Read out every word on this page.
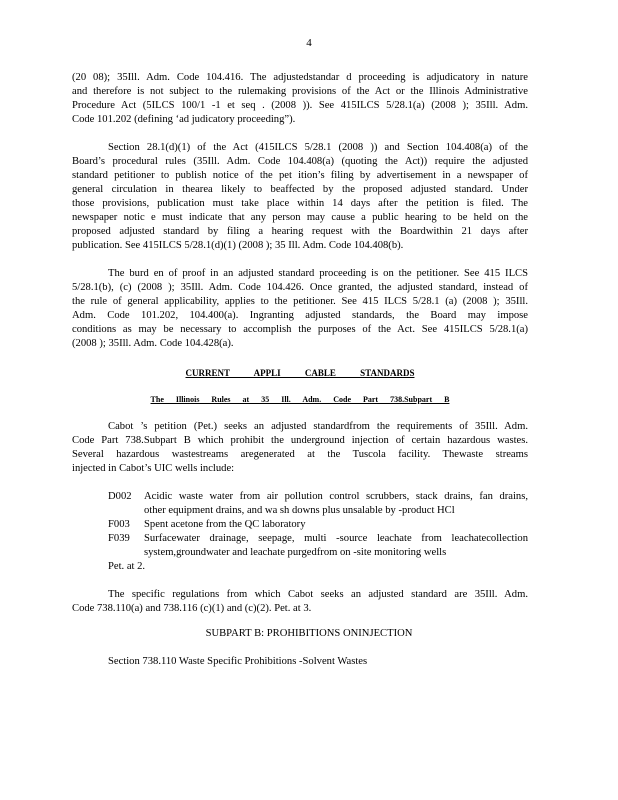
4
(20 08); 35Ill. Adm. Code 104.416. The adjustedstandar d proceeding is adjudicatory in nature
and therefore is not subject to the rulemaking provisions of the Act or the Illinois Administrative
Procedure Act (5ILCS 100/1 -1 et seq . (2008 )). See 415ILCS 5/28.1(a) (2008 ); 35Ill. Adm.
Code 101.202 (defining ‘ad judicatory proceeding”).
Section 28.1(d)(1) of the Act (415ILCS 5/28.1 (2008 )) and Section 104.408(a) of the
Board’s procedural rules (35Ill. Adm. Code 104.408(a) (quoting the Act)) require the adjusted
standard petitioner to publish notice of the pet ition’s filing by advertisement in a newspaper of
general circulation in thearea likely to beaffected by the proposed adjusted standard. Under
those provisions, publication must take place within 14 days after the petition is filed. The
newspaper notic e must indicate that any person may cause a public hearing to be held on the
proposed adjusted standard by filing a hearing request with the Boardwithin 21 days after
publication. See 415ILCS 5/28.1(d)(1) (2008 ); 35 Ill. Adm. Code 104.408(b).
The burd en of proof in an adjusted standard proceeding is on the petitioner. See 415 ILCS
5/28.1(b), (c) (2008 ); 35Ill. Adm. Code 104.426. Once granted, the adjusted standard, instead of
the rule of general applicability, applies to the petitioner. See 415 ILCS 5/28.1 (a) (2008 ); 35Ill.
Adm. Code 101.202, 104.400(a). Ingranting adjusted standards, the Board may impose
conditions as may be necessary to accomplish the purposes of the Act. See 415ILCS 5/28.1(a)
(2008 ); 35Ill. Adm. Code 104.428(a).
CURRENT APPLI CABLE STANDARDS
The Illinois Rules at 35 Ill. Adm. Code Part 738.Subpart B
Cabot ’s petition (Pet.) seeks an adjusted standardfrom the requirements of 35Ill. Adm.
Code Part 738.Subpart B which prohibit the underground injection of certain hazardous wastes.
Several hazardous wastestreams aregenerated at the Tuscola facility. Thewaste streams
injected in Cabot’s UIC wells include:
D002	Acidic waste water from air pollution control scrubbers, stack drains, fan drains,
other equipment drains, and wa sh downs plus unsalable by -product HCl
F003	Spent acetone from the QC laboratory
F039	Surfacewater drainage, seepage, multi -source leachate from leachatecollection
system,groundwater and leachate purgedfrom on -site monitoring wells
Pet. at 2.
The specific regulations from which Cabot seeks an adjusted standard are 35Ill. Adm.
Code 738.110(a) and 738.116 (c)(1) and (c)(2). Pet. at 3.
SUBPART B: PROHIBITIONS ONINJECTION
Section 738.110 Waste Specific Prohibitions -Solvent Wastes
